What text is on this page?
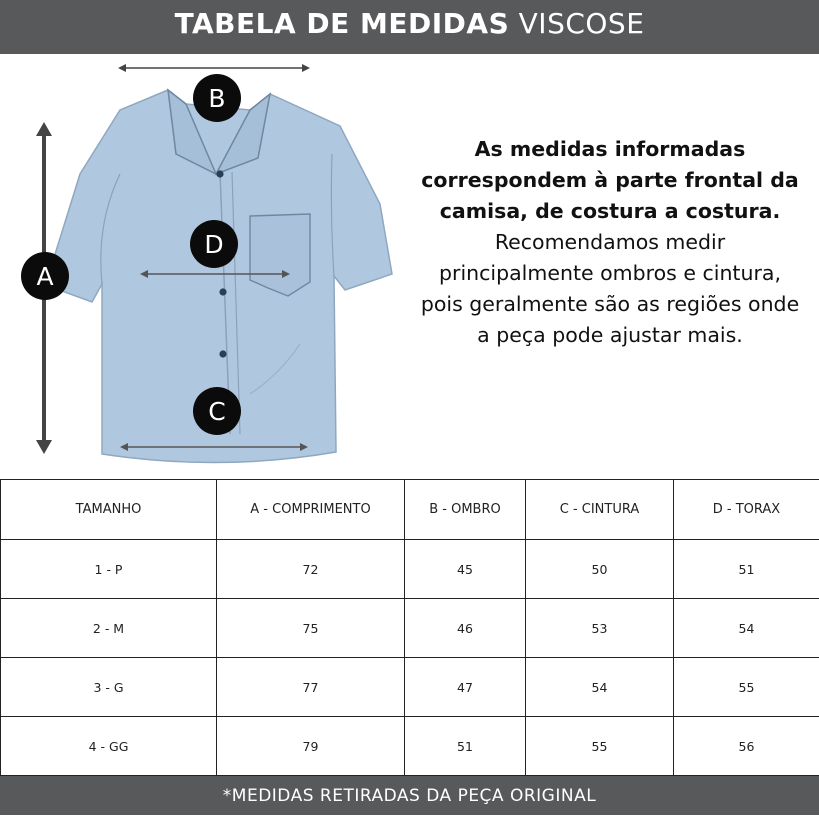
TABELA DE MEDIDAS VISCOSE
A
B
D
C
As medidas informadas correspondem à parte frontal da camisa, de costura a costura.
Recomendamos medir principalmente ombros e cintura, pois geralmente são as regiões onde a peça pode ajustar mais.
TAMANHO	A - COMPRIMENTO	B - OMBRO	C - CINTURA	D - TORAX
1 - P	72	45	50	51
2 - M	75	46	53	54
3 - G	77	47	54	55
4 - GG	79	51	55	56
*MEDIDAS RETIRADAS DA PEÇA ORIGINAL
